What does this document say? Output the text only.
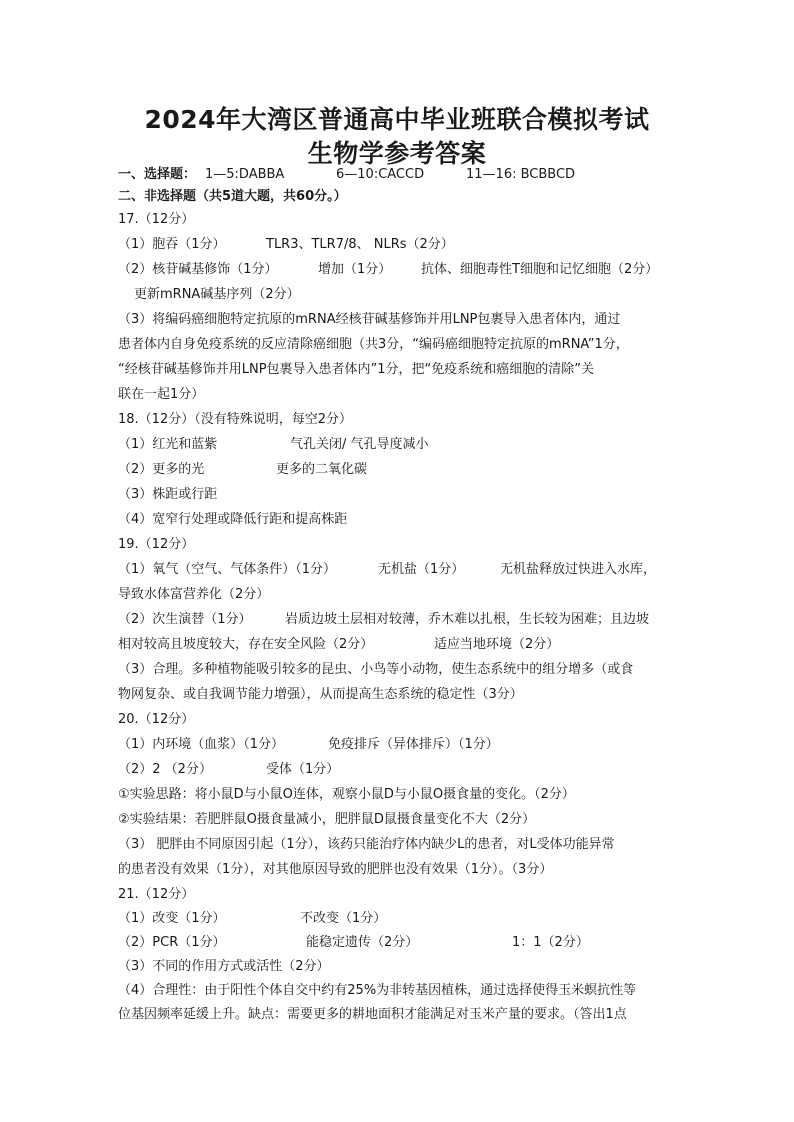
2024年大湾区普通高中毕业班联合模拟考试
生物学参考答案
一、选择题： 1—5:DABBA	6—10:CACCD	11—16: BCBBCD
二、非选择题（共5道大题，共60分。）
17.（12分）
（1）胞吞（1分）	TLR3、TLR7/8、 NLRs（2分）
（2）核苷碱基修饰（1分）	增加（1分） 抗体、细胞毒性T细胞和记忆细胞（2分）
更新mRNA碱基序列（2分）
（3）将编码癌细胞特定抗原的mRNA经核苷碱基修饰并用LNP包裹导入患者体内，通过
患者体内自身免疫系统的反应清除癌细胞（共3分，“编码癌细胞特定抗原的mRNA”1分，
“经核苷碱基修饰并用LNP包裹导入患者体内”1分，把“免疫系统和癌细胞的清除”关
联在一起1分）
18.（12分）（没有特殊说明，每空2分）
（1）红光和蓝紫	气孔关闭/ 气孔导度减小
（2）更多的光	更多的二氧化碳
（3）株距或行距
（4）宽窄行处理或降低行距和提高株距
19.（12分）
（1）氧气（空气、气体条件）（1分）	无机盐（1分）	无机盐释放过快进入水库，
导致水体富营养化（2分）
（2）次生演替（1分）	岩质边坡土层相对较薄，乔木难以扎根，生长较为困难；且边坡
相对较高且坡度较大，存在安全风险（2分）	适应当地环境（2分）
（3）合理。多种植物能吸引较多的昆虫、小鸟等小动物，使生态系统中的组分增多（或食
物网复杂、或自我调节能力增强），从而提高生态系统的稳定性（3分）
20.（12分）
（1）内环境（血浆）（1分）	免疫排斥（异体排斥）（1分）
（2）2 （2分）	受体（1分）
①实验思路：将小鼠D与小鼠O连体，观察小鼠D与小鼠O摄食量的变化。（2分）
②实验结果：若肥胖鼠O摄食量减小，肥胖鼠D鼠摄食量变化不大（2分）
（3） 肥胖由不同原因引起（1分），该药只能治疗体内缺少L的患者，对L受体功能异常
的患者没有效果（1分），对其他原因导致的肥胖也没有效果（1分）。（3分）
21.（12分）
（1）改变（1分）	不改变（1分）
（2）PCR（1分）	能稳定遗传（2分）	1：1（2分）
（3）不同的作用方式或活性（2分）
（4）合理性：由于阳性个体自交中约有25%为非转基因植株，通过选择使得玉米螟抗性等
位基因频率延缓上升。缺点：需要更多的耕地面积才能满足对玉米产量的要求。（答出1点
